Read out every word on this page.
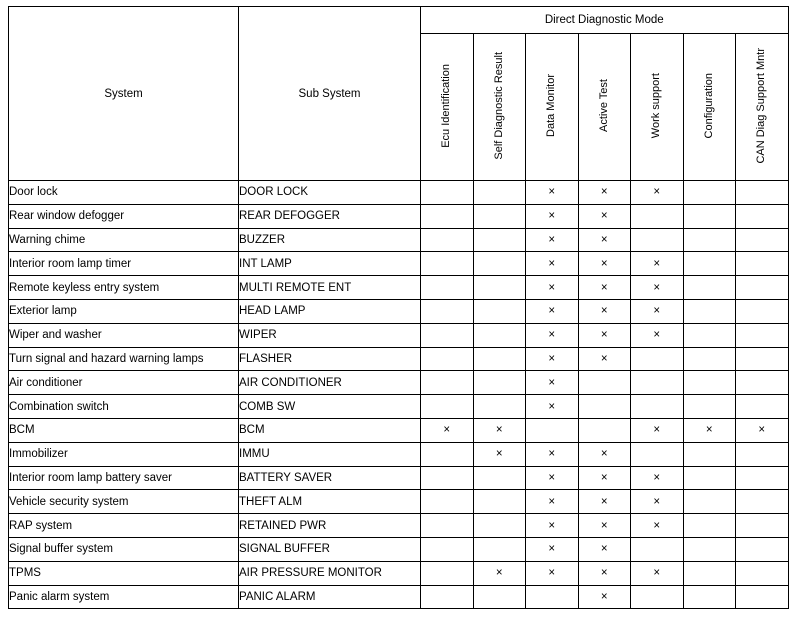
System	Sub System	Direct Diagnostic Mode						
		Ecu Identification	Self Diagnostic Result	Data Monitor	Active Test	Work support	Configuration	CAN Diag Support Mntr
Door lock	DOOR LOCK			×	×	×		
Rear window defogger	REAR DEFOGGER			×	×			
Warning chime	BUZZER			×	×			
Interior room lamp timer	INT LAMP			×	×	×		
Remote keyless entry system	MULTI REMOTE ENT			×	×	×		
Exterior lamp	HEAD LAMP			×	×	×		
Wiper and washer	WIPER			×	×	×		
Turn signal and hazard warning lamps	FLASHER			×	×			
Air conditioner	AIR CONDITIONER			×				
Combination switch	COMB SW			×				
BCM	BCM	×	×			×	×	×
Immobilizer	IMMU		×	×	×			
Interior room lamp battery saver	BATTERY SAVER			×	×	×		
Vehicle security system	THEFT ALM			×	×	×		
RAP system	RETAINED PWR			×	×	×		
Signal buffer system	SIGNAL BUFFER			×	×			
TPMS	AIR PRESSURE MONITOR		×	×	×	×		
Panic alarm system	PANIC ALARM				×			
